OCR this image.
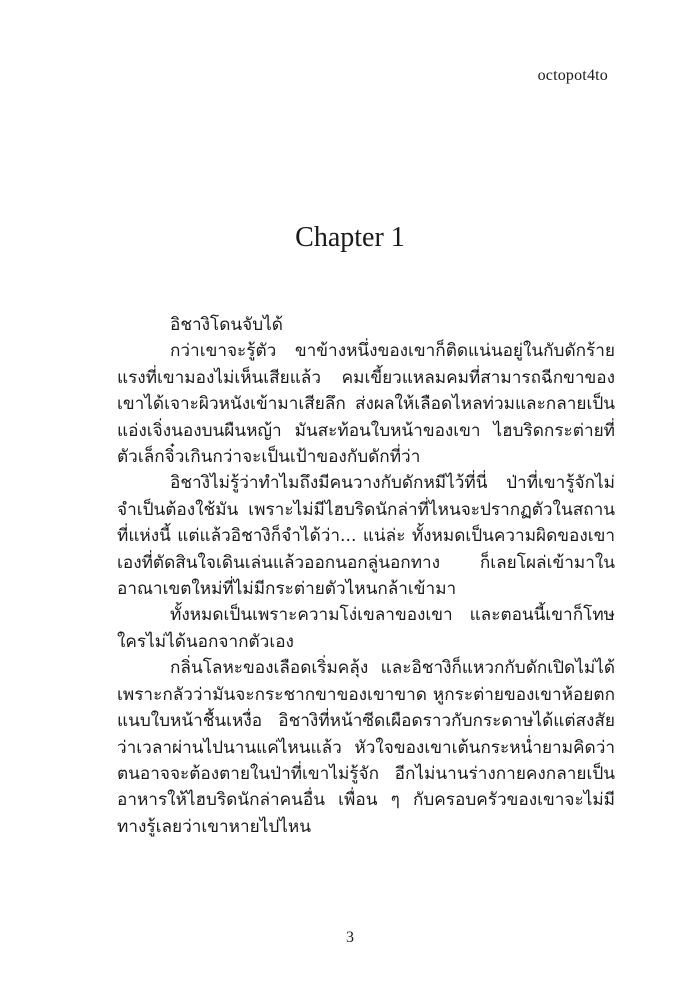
octopot4to
Chapter 1

อิชางิโดนจับได้

กว่าเขาจะรู้ตัว ขาข้างหนึ่งของเขาก็ติดแน่นอยู่ในกับดักร้ายแรงที่เขามองไม่เห็นเสียแล้ว คมเขี้ยวแหลมคมที่สามารถฉีกขาของเขาได้เจาะผิวหนังเข้ามาเสียลึก ส่งผลให้เลือดไหลท่วมและกลายเป็นแอ่งเจิ่งนองบนผืนหญ้า มันสะท้อนใบหน้าของเขา ไฮบริดกระต่ายที่ตัวเล็กจิ๋วเกินกว่าจะเป็นเป้าของกับดักที่ว่า

อิชางิไม่รู้ว่าทำไมถึงมีคนวางกับดักหมีไว้ที่นี่ ป่าที่เขารู้จักไม่จำเป็นต้องใช้มัน เพราะไม่มีไฮบริดนักล่าที่ไหนจะปรากฏตัวในสถานที่แห่งนี้ แต่แล้วอิชางิก็จำได้ว่า... แน่ล่ะ ทั้งหมดเป็นความผิดของเขาเองที่ตัดสินใจเดินเล่นแล้วออกนอกลู่นอกทาง ก็เลยโผล่เข้ามาในอาณาเขตใหม่ที่ไม่มีกระต่ายตัวไหนกล้าเข้ามา

ทั้งหมดเป็นเพราะความโง่เขลาของเขา และตอนนี้เขาก็โทษใครไม่ได้นอกจากตัวเอง

กลิ่นโลหะของเลือดเริ่มคลุ้ง และอิชางิก็แหวกกับดักเปิดไม่ได้เพราะกลัวว่ามันจะกระชากขาของเขาขาด หูกระต่ายของเขาห้อยตกแนบใบหน้าชื้นเหงื่อ อิชางิที่หน้าซีดเผือดราวกับกระดาษได้แต่สงสัยว่าเวลาผ่านไปนานแค่ไหนแล้ว หัวใจของเขาเต้นกระหน่ำยามคิดว่าตนอาจจะต้องตายในป่าที่เขาไม่รู้จัก อีกไม่นานร่างกายคงกลายเป็นอาหารให้ไฮบริดนักล่าคนอื่น เพื่อน ๆ กับครอบครัวของเขาจะไม่มีทางรู้เลยว่าเขาหายไปไหน

3
